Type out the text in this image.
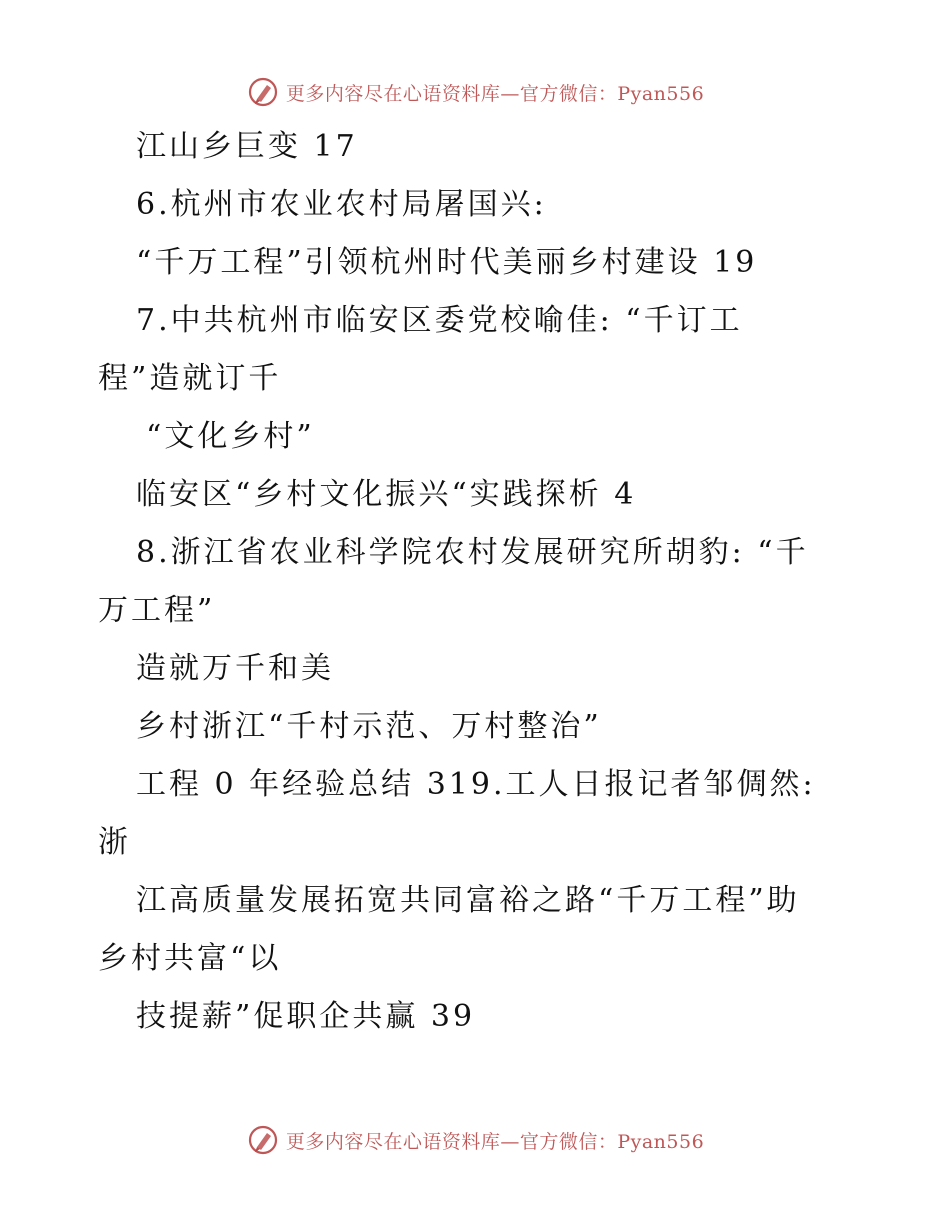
更多内容尽在心语资料库—官方微信：Pyan556
江山乡巨变 17
6.杭州市农业农村局屠国兴:
“千万工程”引领杭州时代美丽乡村建设 19
7.中共杭州市临安区委党校喻佳: “千订工
程”造就订千
“文化乡村”
临安区“乡村文化振兴“实践探析 4
8.浙江省农业科学院农村发展研究所胡豹: “千
万工程”
造就万千和美
乡村浙江“千村示范、万村整治”
工程 0 年经验总结 319.工人日报记者邹倜然:
浙
江高质量发展拓宽共同富裕之路“千万工程”助
乡村共富“以
技提薪”促职企共赢 39
更多内容尽在心语资料库—官方微信：Pyan556
